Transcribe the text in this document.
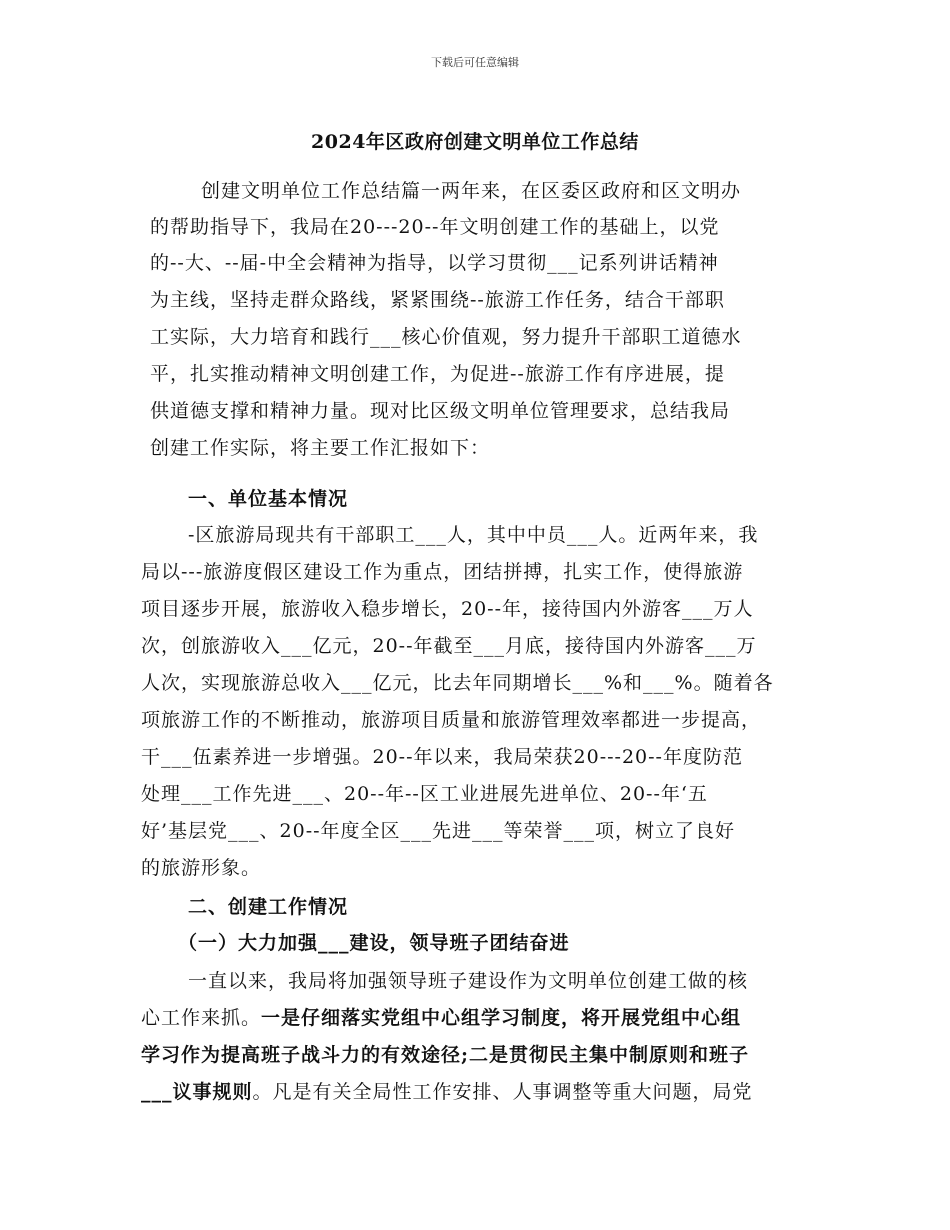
下载后可任意编辑
2024年区政府创建文明单位工作总结
创建文明单位工作总结篇一两年来，在区委区政府和区文明办
的帮助指导下，我局在20---20--年文明创建工作的基础上，以党
的--大、--届-中全会精神为指导，以学习贯彻___记系列讲话精神
为主线，坚持走群众路线，紧紧围绕--旅游工作任务，结合干部职
工实际，大力培育和践行___核心价值观，努力提升干部职工道德水
平，扎实推动精神文明创建工作，为促进--旅游工作有序进展，提
供道德支撑和精神力量。现对比区级文明单位管理要求，总结我局
创建工作实际，将主要工作汇报如下：
一、单位基本情况
-区旅游局现共有干部职工___人，其中中员___人。近两年来，我
局以---旅游度假区建设工作为重点，团结拼搏，扎实工作，使得旅游
项目逐步开展，旅游收入稳步增长，20--年，接待国内外游客___万人
次，创旅游收入___亿元，20--年截至___月底，接待国内外游客___万
人次，实现旅游总收入___亿元，比去年同期增长___%和___%。随着各
项旅游工作的不断推动，旅游项目质量和旅游管理效率都进一步提高，
干___伍素养进一步增强。20--年以来，我局荣获20---20--年度防范
处理___工作先进___、20--年--区工业进展先进单位、20--年‘五
好’基层党___、20--年度全区___先进___等荣誉___项，树立了良好
的旅游形象。
二、创建工作情况
（一）大力加强___建设，领导班子团结奋进
一直以来，我局将加强领导班子建设作为文明单位创建工做的核
心工作来抓。一是仔细落实党组中心组学习制度，将开展党组中心组
学习作为提高班子战斗力的有效途径;二是贯彻民主集中制原则和班子
___议事规则。凡是有关全局性工作安排、人事调整等重大问题，局党
